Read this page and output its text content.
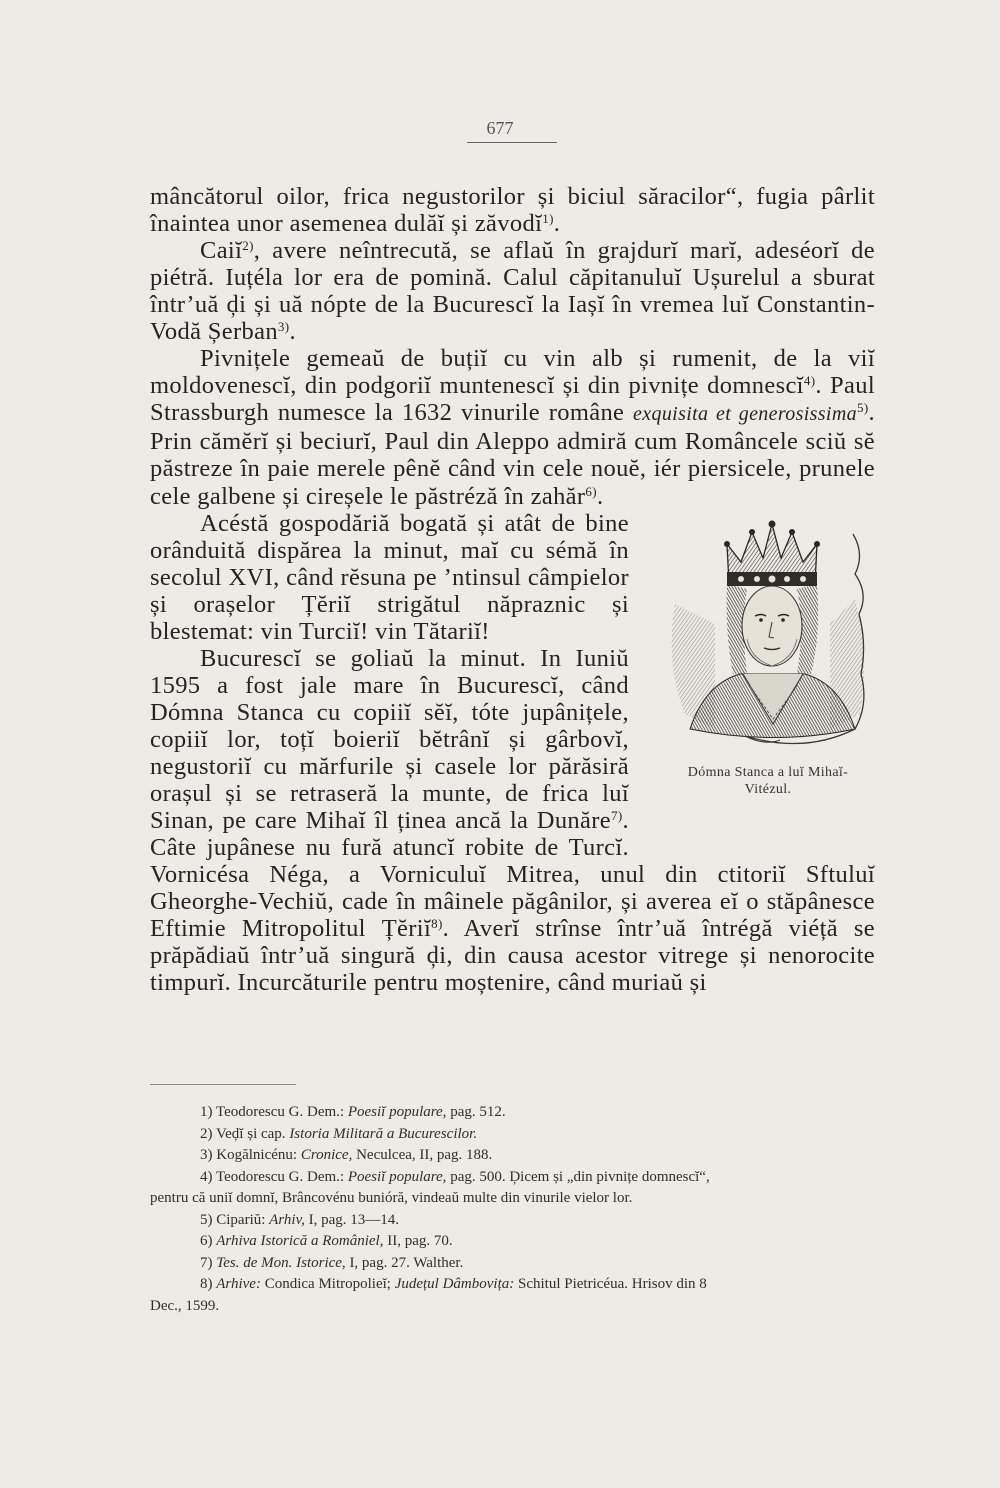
677

mâncătorul oilor, frica negustorilor și biciul săracilor“, fugia pârlit înaintea unor asemenea dulăĭ și zăvodĭ$^{1)}$.

Caiĭ$^{2)}$, avere neîntrecută, se aflaŭ în grajdurĭ marĭ, adeséorĭ de piétră. Iuțéla lor era de pomină. Calul căpitanuluĭ Ușurelul a sburat într’uă ḑi și uă nópte de la Bucurescĭ la Iașĭ în vremea luĭ Constantin-Vodă Șerban$^{3)}$.

Pivnițele gemeaŭ de buțiĭ cu vin alb și rumenit, de la viĭ moldovenescĭ, din podgoriĭ muntenescĭ și din pivnițe domnescĭ$^{4)}$. Paul Strassburgh numesce la 1632 vinurile române exquisita et generosissima$^{5)}$. Prin cămĕrĭ și beciurĭ, Paul din Aleppo admiră cum Româncele sciŭ sĕ păstreze în paie merele pênĕ când vin cele nouĕ, iér piersicele, prunele cele galbene și cireșele le păstréză în zahăr$^{6)}$.

Dómna Stanca a luĭ Mihaĭ-
Vitézul.

Acéstă gospodăriă bogată și atât de bine orânduită dispărea la minut, maĭ cu sémă în secolul XVI, când rĕsuna pe ’ntinsul câmpielor și orașelor Țĕriĭ strigătul năpraznic și blestemat: vin Turciĭ! vin Tătariĭ!

Bucurescĭ se goliaŭ la minut. In Iuniŭ 1595 a fost jale mare în Bucurescĭ, când Dómna Stanca cu copiiĭ sĕĭ, tóte jupânițele, copiiĭ lor, toțĭ boieriĭ bĕtrânĭ și gârbovĭ, negustoriĭ cu mărfurile și casele lor părăsiră orașul și se retraseră la munte, de frica luĭ Sinan, pe care Mihaĭ îl ținea ancă la Dunăre$^{7)}$. Câte jupânese nu fură atuncĭ robite de Turcĭ. Vornicésa Néga, a Vorniculuĭ Mitrea, unul din ctitoriĭ Sftuluĭ Gheorghe-Vechiŭ, cade în mâinele păgânilor, și averea eĭ o stăpânesce Eftimie Mitropolitul Țĕriĭ$^{8)}$. Averĭ strînse într’uă întrégă viéță se prăpădiaŭ într’uă singură ḑi, din causa acestor vitrege și nenorocite timpurĭ. Incurcăturile pentru moștenire, când muriaŭ și

1) Teodorescu G. Dem.: Poesiĭ populare, pag. 512.
2) Veḑĭ și cap. Istoria Militară a Bucurescilor.
3) Kogălnicénu: Cronice, Neculcea, II, pag. 188.
4) Teodorescu G. Dem.: Poesiĭ populare, pag. 500. Ḑicem și „din pivnițe domnescĭ“,
pentru că uniĭ domnĭ, Brâncovénu bunióră, vindeaŭ multe din vinurile vielor lor.
5) Cipariŭ: Arhiv, I, pag. 13—14.
6) Arhiva Istorică a Româniel, II, pag. 70.
7) Tes. de Mon. Istorice, I, pag. 27. Walther.
8) Arhive: Condica Mitropolieĭ; Județul Dâmbovița: Schitul Pietricéua. Hrisov din 8
Dec., 1599.
